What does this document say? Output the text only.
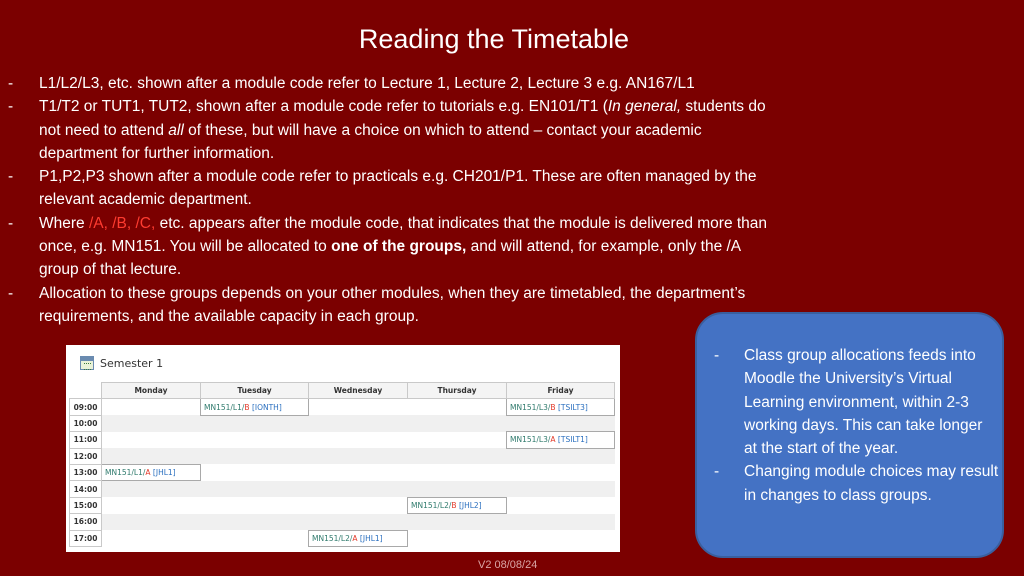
Reading the Timetable
- L1/L2/L3, etc. shown after a module code refer to Lecture 1, Lecture 2, Lecture 3 e.g. AN167/L1
- T1/T2 or TUT1, TUT2, shown after a module code refer to tutorials e.g. EN101/T1 (In general, students do not need to attend all of these, but will have a choice on which to attend – contact your academic department for further information.
- P1,P2,P3 shown after a module code refer to practicals e.g. CH201/P1. These are often managed by the relevant academic department.
- Where /A, /B, /C, etc. appears after the module code, that indicates that the module is delivered more than once, e.g. MN151. You will be allocated to one of the groups, and will attend, for example, only the /A group of that lecture.
- Allocation to these groups depends on your other modules, when they are timetabled, the department’s requirements, and the available capacity in each group.
Semester 1
	Monday	Tuesday	Wednesday	Thursday	Friday
09:00		MN151/L1/B [IONTH]			MN151/L3/B [TSILT3]
10:00					
11:00					MN151/L3/A [TSILT1]
12:00					
13:00	MN151/L1/A [JHL1]				
14:00					
15:00				MN151/L2/B [JHL2]	
16:00					
17:00			MN151/L2/A [JHL1]		
- Class group allocations feeds into Moodle the University’s Virtual Learning environment, within 2-3 working days. This can take longer at the start of the year.
- Changing module choices may result in changes to class groups.
V2 08/08/24
